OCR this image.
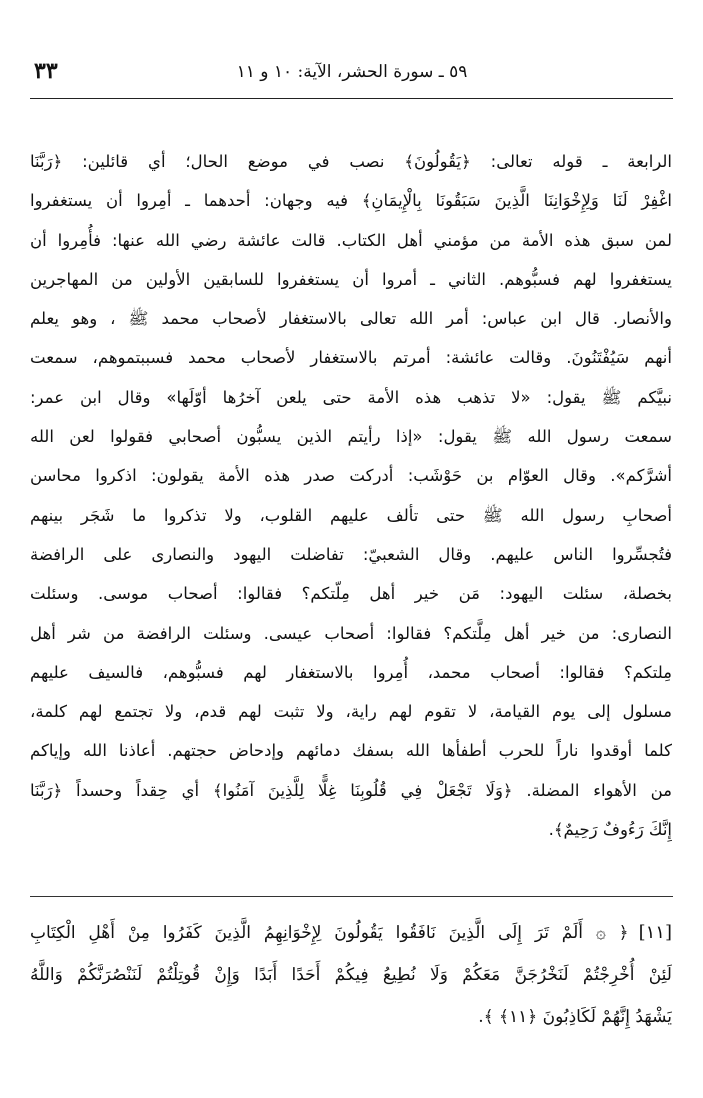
٥٩ ـ سورة الحشر، الآية: ١٠ و ١١
٣٣
الرابعة ـ قوله تعالى: ﴿يَقُولُونَ﴾ نصب في موضع الحال؛ أي قائلين: ﴿رَبَّنَا
اغْفِرْ لَنَا وَلِإِخْوَانِنَا الَّذِينَ سَبَقُونَا بِالْإِيمَانِ﴾ فيه وجهان: أحدهما ـ أمِروا أن يستغفروا
لمن سبق هذه الأمة من مؤمني أهل الكتاب. قالت عائشة رضي الله عنها: فأُمِروا أن
يستغفروا لهم فسبُّوهم. الثاني ـ أمروا أن يستغفروا للسابقين الأولين من المهاجرين
والأنصار. قال ابن عباس: أمر الله تعالى بالاستغفار لأصحاب محمد ﷺ ، وهو يعلم
أنهم سَيُفْتَنُونَ. وقالت عائشة: أمرتم بالاستغفار لأصحاب محمد فسببتموهم، سمعت
نبيَّكم ﷺ يقول: «لا تذهب هذه الأمة حتى يلعن آخرُها أوّلَها» وقال ابن عمر:
سمعت رسول الله ﷺ يقول: «إذا رأيتم الذين يسبُّون أصحابي فقولوا لعن الله
أشرَّكم». وقال العوّام بن حَوْشَب: أدركت صدر هذه الأمة يقولون: اذكروا محاسن
أصحابِ رسول الله ﷺ حتى تألف عليهم القلوب، ولا تذكروا ما شَجَر بينهم
فتُجسِّروا الناس عليهم. وقال الشعبيّ: تفاضلت اليهود والنصارى على الرافضة
بخصلة، سئلت اليهود: مَن خير أهل مِلّتكم؟ فقالوا: أصحاب موسى. وسئلت
النصارى: من خير أهل مِلَّتكم؟ فقالوا: أصحاب عيسى. وسئلت الرافضة من شر أهل
مِلتكم؟ فقالوا: أصحاب محمد، أُمِروا بالاستغفار لهم فسبُّوهم، فالسيف عليهم
مسلول إلى يوم القيامة، لا تقوم لهم راية، ولا تثبت لهم قدم، ولا تجتمع لهم كلمة،
كلما أوقدوا ناراً للحرب أطفأها الله بسفك دمائهم وإدحاض حجتهم. أعاذنا الله وإياكم
من الأهواء المضلة. ﴿وَلَا تَجْعَلْ فِي قُلُوبِنَا غِلًّا لِلَّذِينَ آمَنُوا﴾ أي حِقداً وحسداً ﴿رَبَّنَا
إِنَّكَ رَءُوفٌ رَحِيمٌ﴾.
[١١]﴿ ۞ أَلَمْ تَرَ إِلَى الَّذِينَ نَافَقُوا يَقُولُونَ لِإِخْوَانِهِمُ الَّذِينَ كَفَرُوا مِنْ أَهْلِ الْكِتَابِ
لَئِنْ أُخْرِجْتُمْ لَنَخْرُجَنَّ مَعَكُمْ وَلَا نُطِيعُ فِيكُمْ أَحَدًا أَبَدًا وَإِنْ قُوتِلْتُمْ لَنَنْصُرَنَّكُمْ وَاللَّهُ
يَشْهَدُ إِنَّهُمْ لَكَاذِبُونَ ﴿١١﴾ ﴾.
